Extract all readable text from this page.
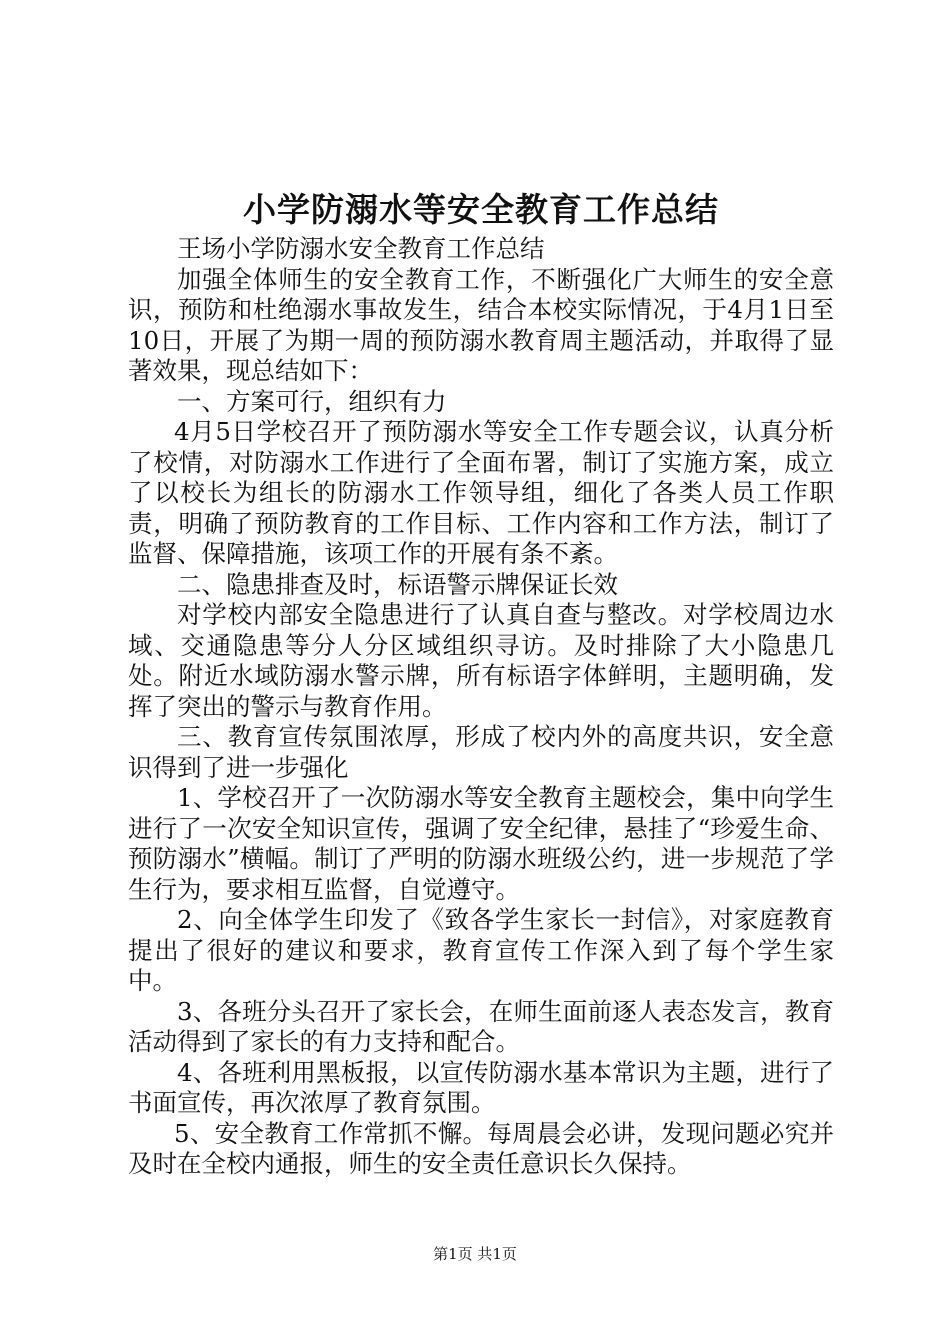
小学防溺水等安全教育工作总结

王场小学防溺水安全教育工作总结

加强全体师生的安全教育工作，不断强化广大师生的安全意识，预防和杜绝溺水事故发生，结合本校实际情况，于4月1日至10日，开展了为期一周的预防溺水教育周主题活动，并取得了显著效果，现总结如下：

一、方案可行，组织有力

4月5日学校召开了预防溺水等安全工作专题会议，认真分析了校情，对防溺水工作进行了全面布署，制订了实施方案，成立了以校长为组长的防溺水工作领导组，细化了各类人员工作职责，明确了预防教育的工作目标、工作内容和工作方法，制订了监督、保障措施，该项工作的开展有条不紊。

二、隐患排查及时，标语警示牌保证长效

对学校内部安全隐患进行了认真自查与整改。对学校周边水域、交通隐患等分人分区域组织寻访。及时排除了大小隐患几处。附近水域防溺水警示牌，所有标语字体鲜明，主题明确，发挥了突出的警示与教育作用。

三、教育宣传氛围浓厚，形成了校内外的高度共识，安全意识得到了进一步强化

1、学校召开了一次防溺水等安全教育主题校会，集中向学生进行了一次安全知识宣传，强调了安全纪律，悬挂了“珍爱生命、预防溺水”横幅。制订了严明的防溺水班级公约，进一步规范了学生行为，要求相互监督，自觉遵守。

2、向全体学生印发了《致各学生家长一封信》，对家庭教育提出了很好的建议和要求，教育宣传工作深入到了每个学生家中。

3、各班分头召开了家长会，在师生面前逐人表态发言，教育活动得到了家长的有力支持和配合。

4、各班利用黑板报，以宣传防溺水基本常识为主题，进行了书面宣传，再次浓厚了教育氛围。

5、安全教育工作常抓不懈。每周晨会必讲，发现问题必究并及时在全校内通报，师生的安全责任意识长久保持。

第1页 共1页
